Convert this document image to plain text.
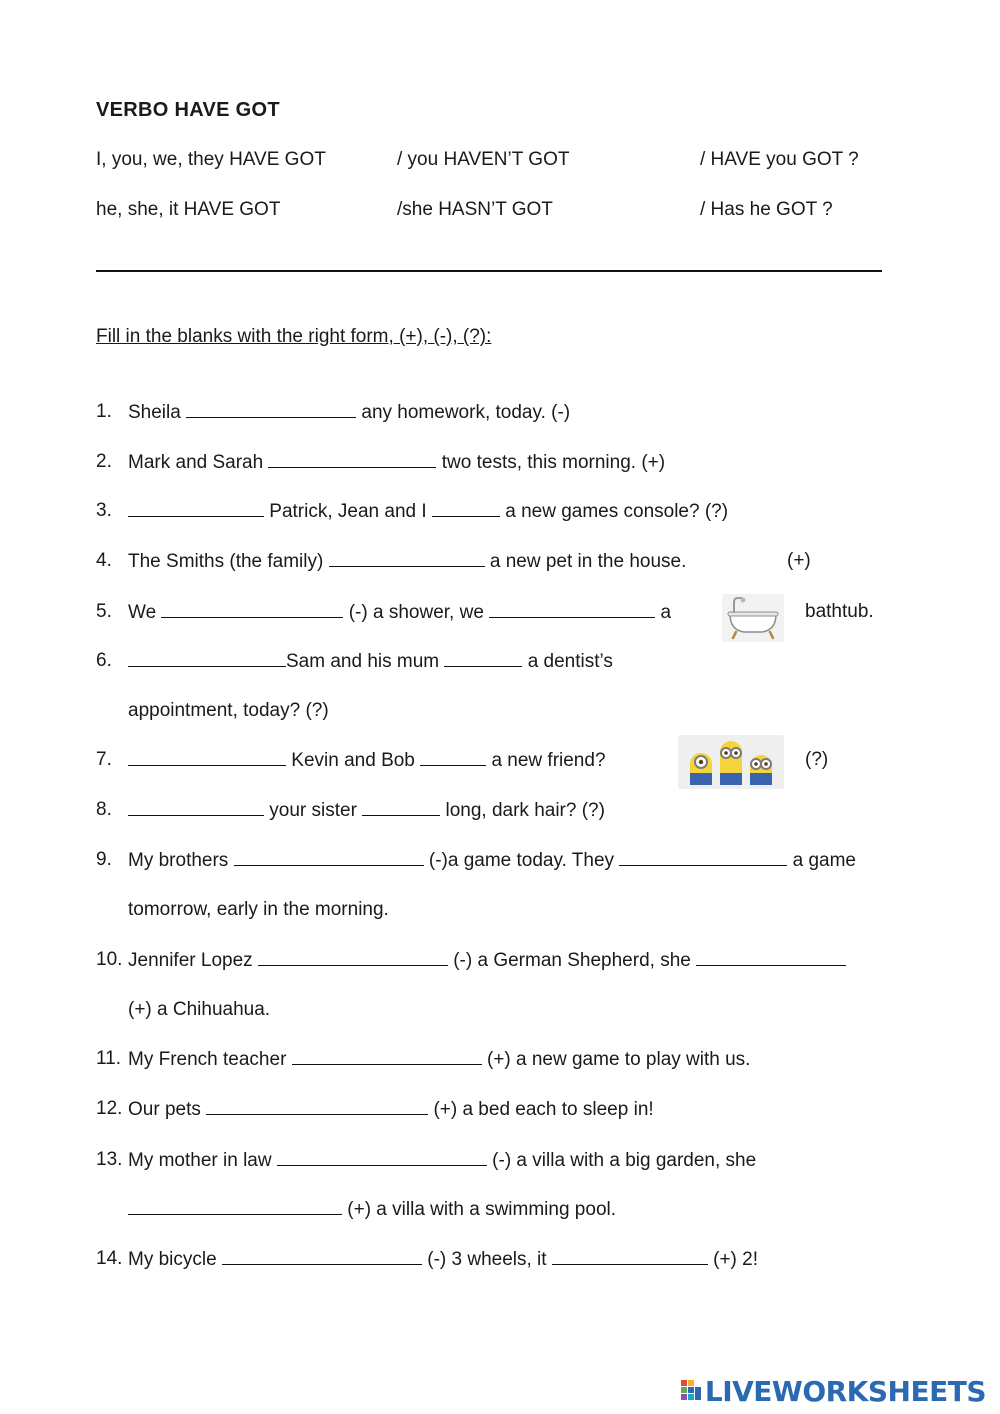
VERBO HAVE GOT
I, you, we, they HAVE GOT	/ you HAVEN’T GOT	/ HAVE you GOT ?
he, she, it HAVE GOT	/she HASN’T GOT	/ Has he GOT ?
Fill in the blanks with the right form, (+), (-), (?):
1. Sheila	any homework, today. (-)
2. Mark and Sarah	two tests, this morning. (+)
3.	Patrick, Jean and I	a new games console? (?)
4. The Smiths (the family)	a new pet in the house.	(+)
5. We	(-) a shower, we	a	bathtub.
6.	Sam and his mum	a dentist’s
appointment, today? (?)
7.	Kevin and Bob	a new friend?	(?)
8.	your sister	long, dark hair? (?)
9. My brothers	(-)a game today. They	a game
tomorrow, early in the morning.
10. Jennifer Lopez	(-) a German Shepherd, she
(+) a Chihuahua.
11. My French teacher	(+) a new game to play with us.
12. Our pets	(+) a bed each to sleep in!
13. My mother in law	(-) a villa with a big garden, she
(+) a villa with a swimming pool.
14. My bicycle	(-) 3 wheels, it	(+) 2!
LIVEWORKSHEETS
